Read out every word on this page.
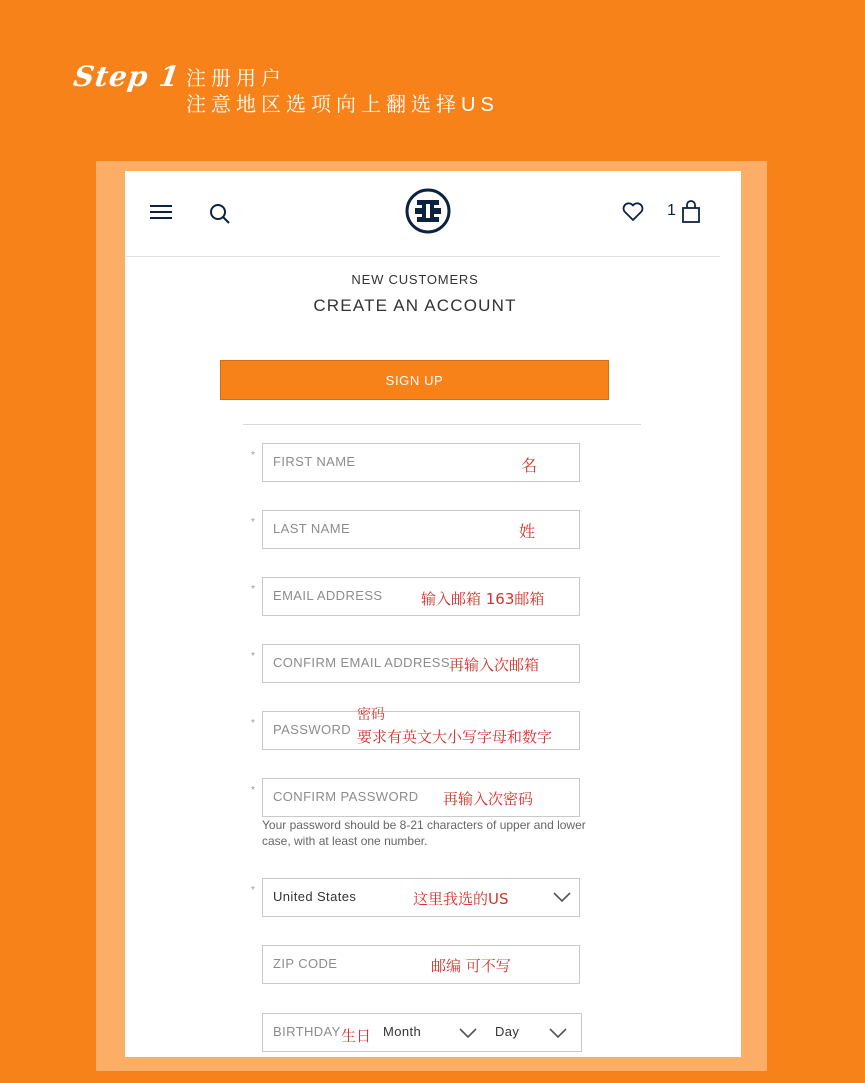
Step 1 注册用户
注意地区选项向上翻选择US
1
NEW CUSTOMERS
CREATE AN ACCOUNT
SIGN UP
* FIRST NAME	名
* LAST NAME	姓
* EMAIL ADDRESS	输入邮箱 163邮箱
* CONFIRM EMAIL ADDRESS 再输入次邮箱
* PASSWORD
密码
要求有英文大小写字母和数字
* CONFIRM PASSWORD 再输入次密码
Your password should be 8-21 characters of upper and lower case, with at least one number.
* United States	这里我选的US
ZIP CODE	邮编 可不写
BIRTHDAY 生日 Month	Day
